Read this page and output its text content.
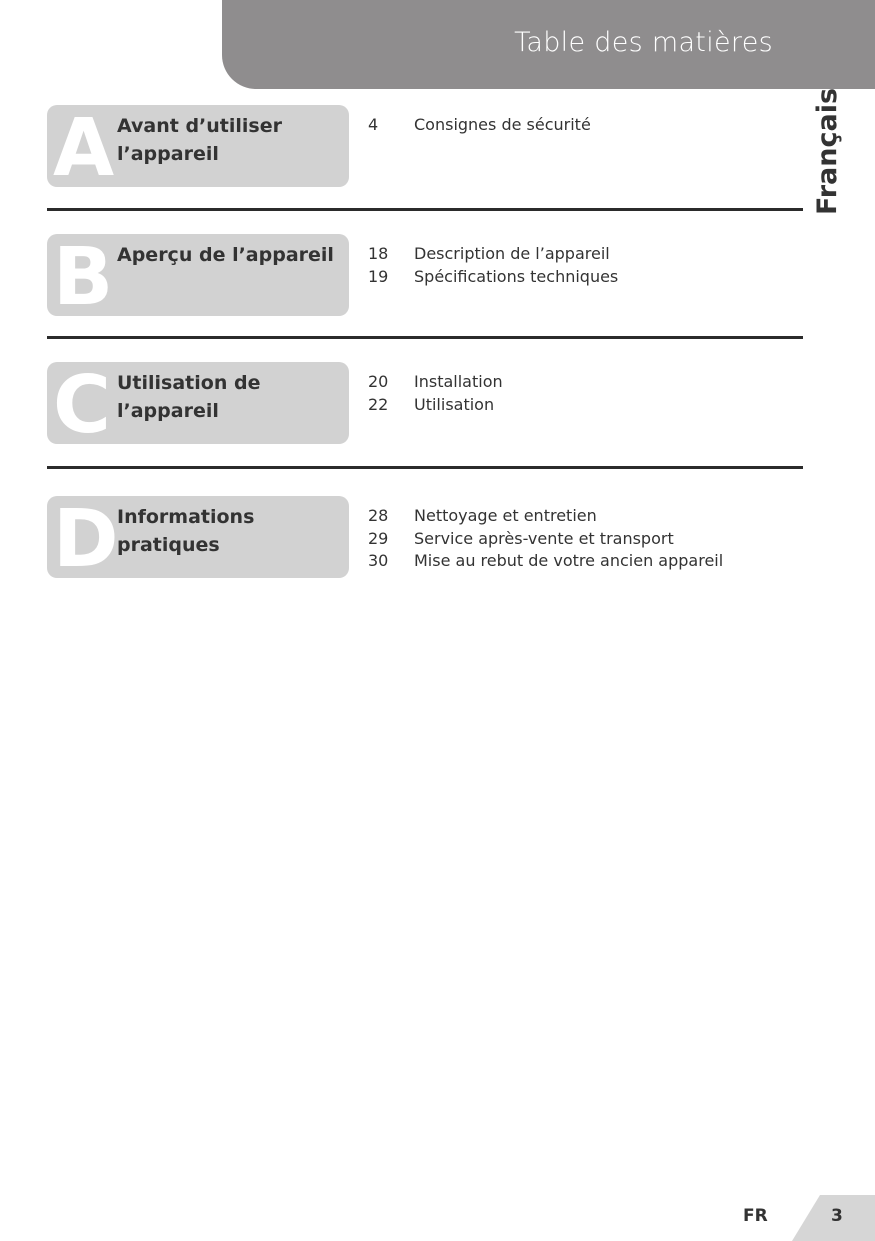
Table des matières
Français
A Avant d’utiliser l’appareil
4	Consignes de sécurité
B Aperçu de l’appareil	18	Description de l’appareil
19	Spécifications techniques
C Utilisation de l’appareil
20	Installation
22	Utilisation
D
Informations pratiques
28	Nettoyage et entretien
29	Service après-vente et transport
30	Mise au rebut de votre ancien appareil
FR	3
